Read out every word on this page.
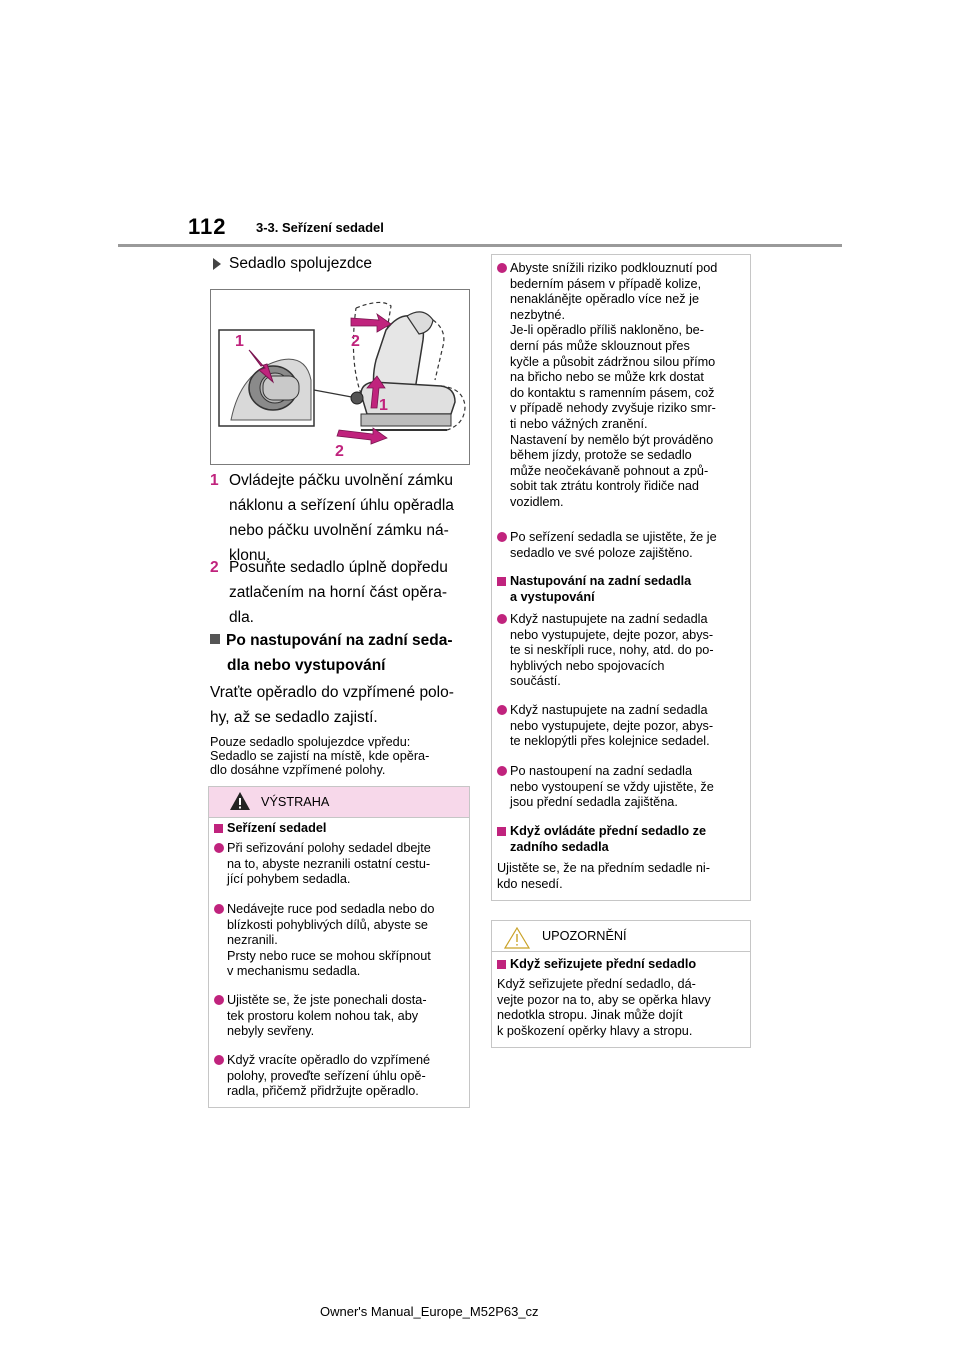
112 3-3. Seřízení sedadel
Sedadlo spolujezdce
1	2
1
2
1 Ovládejte páčku uvolnění zámku
náklonu a seřízení úhlu opěradla
nebo páčku uvolnění zámku ná-
klonu.
2 Posuňte sedadlo úplně dopředu
zatlačením na horní část opěra-
dla.
Po nastupování na zadní seda-
dla nebo vystupování
Vraťte opěradlo do vzpřímené polo-
hy, až se sedadlo zajistí.
Pouze sedadlo spolujezdce vpředu:
Sedadlo se zajistí na místě, kde opěra-
dlo dosáhne vzpřímené polohy.
VÝSTRAHA
Seřízení sedadel
Při seřizování polohy sedadel dbejte
na to, abyste nezranili ostatní cestu-
jící pohybem sedadla.
Nedávejte ruce pod sedadla nebo do
blízkosti pohyblivých dílů, abyste se
nezranili.
Prsty nebo ruce se mohou skřípnout
v mechanismu sedadla.
Ujistěte se, že jste ponechali dosta-
tek prostoru kolem nohou tak, aby
nebyly sevřeny.
Když vracíte opěradlo do vzpřímené
polohy, proveďte seřízení úhlu opě-
radla, přičemž přidržujte opěradlo.
Abyste snížili riziko podklouznutí pod
bederním pásem v případě kolize,
nenaklánějte opěradlo více než je
nezbytné.
Je-li opěradlo příliš nakloněno, be-
derní pás může sklouznout přes
kyčle a působit zádržnou silou přímo
na břicho nebo se může krk dostat
do kontaktu s ramenním pásem, což
v případě nehody zvyšuje riziko smr-
ti nebo vážných zranění.
Nastavení by nemělo být prováděno
během jízdy, protože se sedadlo
může neočekávaně pohnout a způ-
sobit tak ztrátu kontroly řidiče nad
vozidlem.
Po seřízení sedadla se ujistěte, že je
sedadlo ve své poloze zajištěno.
Nastupování na zadní sedadla
a vystupování
Když nastupujete na zadní sedadla
nebo vystupujete, dejte pozor, abys-
te si neskřípli ruce, nohy, atd. do po-
hyblivých nebo spojovacích
součástí.
Když nastupujete na zadní sedadla
nebo vystupujete, dejte pozor, abys-
te neklopýtli přes kolejnice sedadel.
Po nastoupení na zadní sedadla
nebo vystoupení se vždy ujistěte, že
jsou přední sedadla zajištěna.
Když ovládáte přední sedadlo ze
zadního sedadla
Ujistěte se, že na předním sedadle ni-
kdo nesedí.
UPOZORNĚNÍ
Když seřizujete přední sedadlo
Když seřizujete přední sedadlo, dá-
vejte pozor na to, aby se opěrka hlavy
nedotkla stropu. Jinak může dojít
k poškození opěrky hlavy a stropu.
Owner's Manual_Europe_M52P63_cz
